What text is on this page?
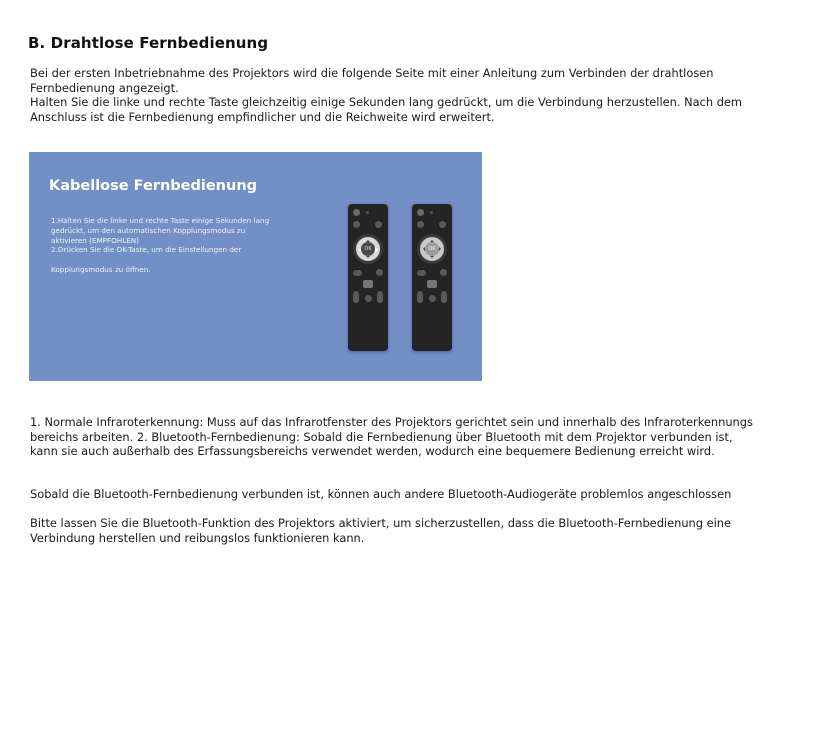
B. Drahtlose Fernbedienung

Bei der ersten Inbetriebnahme des Projektors wird die folgende Seite mit einer Anleitung zum Verbinden der drahtlosen
Fernbedienung angezeigt.
Halten Sie die linke und rechte Taste gleichzeitig einige Sekunden lang gedrückt, um die Verbindung herzustellen. Nach dem
Anschluss ist die Fernbedienung empfindlicher und die Reichweite wird erweitert.

Kabellose Fernbedienung
1.Halten Sie die linke und rechte Taste einige Sekunden lang
gedrückt, um den automatischen Kopplungsmodus zu
aktivieren (EMPFOHLEN)
2.Drücken Sie die OK-Taste, um die Einstellungen der
Kopplungsmodus zu öffnen.
OK	OK

1. Normale Infraroterkennung: Muss auf das Infrarotfenster des Projektors gerichtet sein und innerhalb des Infraroterkennungs
bereichs arbeiten. 2. Bluetooth-Fernbedienung: Sobald die Fernbedienung über Bluetooth mit dem Projektor verbunden ist,
kann sie auch außerhalb des Erfassungsbereichs verwendet werden, wodurch eine bequemere Bedienung erreicht wird.

Sobald die Bluetooth-Fernbedienung verbunden ist, können auch andere Bluetooth-Audiogeräte problemlos angeschlossen

Bitte lassen Sie die Bluetooth-Funktion des Projektors aktiviert, um sicherzustellen, dass die Bluetooth-Fernbedienung eine
Verbindung herstellen und reibungslos funktionieren kann.
